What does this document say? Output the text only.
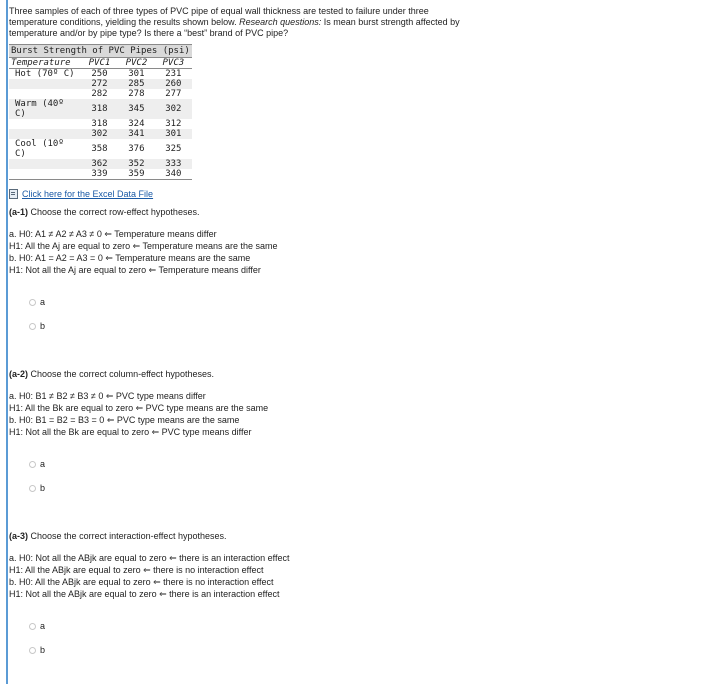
Three samples of each of three types of PVC pipe of equal wall thickness are tested to failure under three temperature conditions, yielding the results shown below. Research questions: Is mean burst strength affected by temperature and/or by pipe type? Is there a “best” brand of PVC pipe?
Burst Strength of PVC Pipes (psi)
Temperature	PVC1	PVC2	PVC3
Hot (70º C)	250	301	231
	272	285	260
	282	278	277
Warm (40º C)	318	345	302
	318	324	312
	302	341	301
Cool (10º C)	358	376	325
	362	352	333
	339	359	340
Click here for the Excel Data File
(a-1) Choose the correct row-effect hypotheses.
a. H0: A1 ≠ A2 ≠ A3 ≠ 0 ⇐ Temperature means differ
H1: All the Aj are equal to zero ⇐ Temperature means are the same
b. H0: A1 = A2 = A3 = 0 ⇐ Temperature means are the same
H1: Not all the Aj are equal to zero ⇐ Temperature means differ
a
b
(a-2) Choose the correct column-effect hypotheses.
a. H0: B1 ≠ B2 ≠ B3 ≠ 0 ⇐ PVC type means differ
H1: All the Bk are equal to zero ⇐ PVC type means are the same
b. H0: B1 = B2 = B3 = 0 ⇐ PVC type means are the same
H1: Not all the Bk are equal to zero ⇐ PVC type means differ
a
b
(a-3) Choose the correct interaction-effect hypotheses.
a. H0: Not all the ABjk are equal to zero ⇐ there is an interaction effect
H1: All the ABjk are equal to zero ⇐ there is no interaction effect
b. H0: All the ABjk are equal to zero ⇐ there is no interaction effect
H1: Not all the ABjk are equal to zero ⇐ there is an interaction effect
a
b
